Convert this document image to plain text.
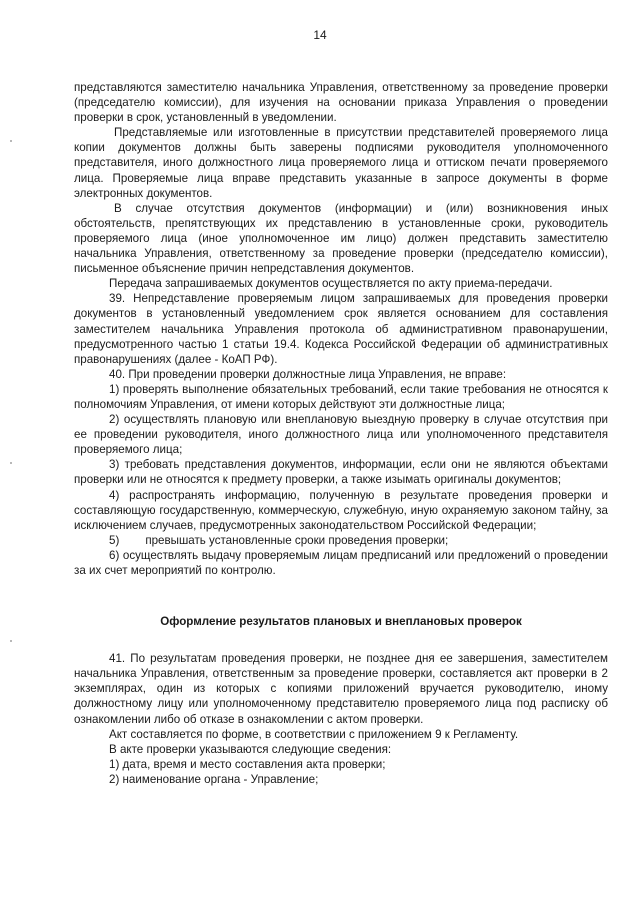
14

представляются заместителю начальника Управления, ответственному за проведение проверки (председателю комиссии), для изучения на основании приказа Управления о проведении проверки в срок, установленный в уведомлении.

Представляемые или изготовленные в присутствии представителей проверяемого лица копии документов должны быть заверены подписями руководителя уполномоченного представителя, иного должностного лица проверяемого лица и оттиском печати проверяемого лица. Проверяемые лица вправе представить указанные в запросе документы в форме электронных документов.

В случае отсутствия документов (информации) и (или) возникновения иных обстоятельств, препятствующих их представлению в установленные сроки, руководитель проверяемого лица (иное уполномоченное им лицо) должен представить заместителю начальника Управления, ответственному за проведение проверки (председателю комиссии), письменное объяснение причин непредставления документов.

Передача запрашиваемых документов осуществляется по акту приема-передачи.

39. Непредставление проверяемым лицом запрашиваемых для проведения проверки документов в установленный уведомлением срок является основанием для составления заместителем начальника Управления протокола об административном правонарушении, предусмотренного частью 1 статьи 19.4. Кодекса Российской Федерации об административных правонарушениях (далее - КоАП РФ).

40. При проведении проверки должностные лица Управления, не вправе:

1) проверять выполнение обязательных требований, если такие требования не относятся к полномочиям Управления, от имени которых действуют эти должностные лица;

2) осуществлять плановую или внеплановую выездную проверку в случае отсутствия при ее проведении руководителя, иного должностного лица или уполномоченного представителя проверяемого лица;

3) требовать представления документов, информации, если они не являются объектами проверки или не относятся к предмету проверки, а также изымать оригиналы документов;

4) распространять информацию, полученную в результате проведения проверки и составляющую государственную, коммерческую, служебную, иную охраняемую законом тайну, за исключением случаев, предусмотренных законодательством Российской Федерации;

5) превышать установленные сроки проведения проверки;

6) осуществлять выдачу проверяемым лицам предписаний или предложений о проведении за их счет мероприятий по контролю.

Оформление результатов плановых и внеплановых проверок

41. По результатам проведения проверки, не позднее дня ее завершения, заместителем начальника Управления, ответственным за проведение проверки, составляется акт проверки в 2 экземплярах, один из которых с копиями приложений вручается руководителю, иному должностному лицу или уполномоченному представителю проверяемого лица под расписку об ознакомлении либо об отказе в ознакомлении с актом проверки.

Акт составляется по форме, в соответствии с приложением 9 к Регламенту.

В акте проверки указываются следующие сведения:

1) дата, время и место составления акта проверки;

2) наименование органа - Управление;
